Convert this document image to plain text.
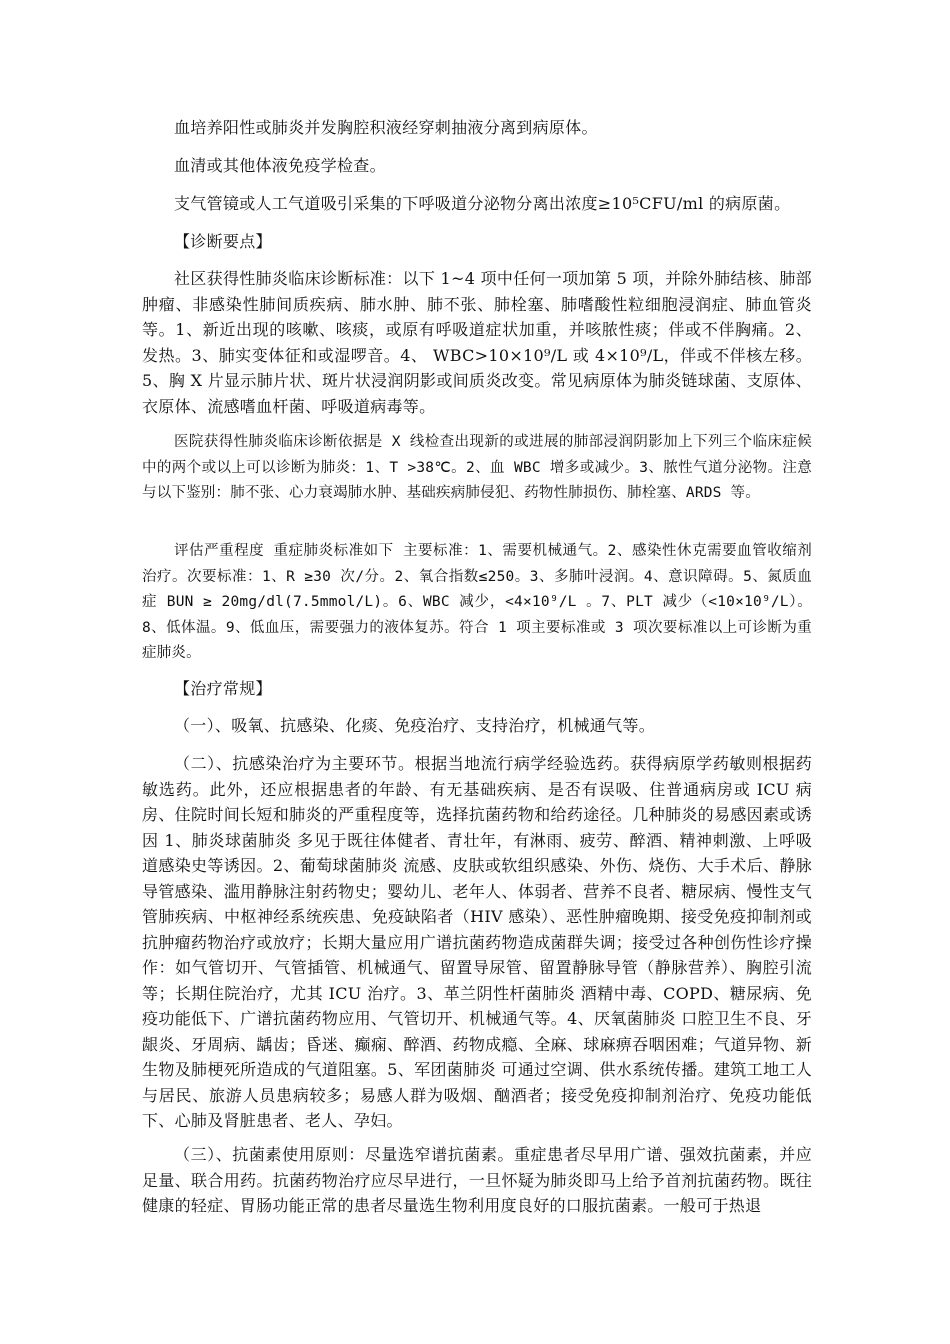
血培养阳性或肺炎并发胸腔积液经穿刺抽液分离到病原体。

血清或其他体液免疫学检查。

支气管镜或人工气道吸引采集的下呼吸道分泌物分离出浓度≥10⁵CFU/ml 的病原菌。

【诊断要点】

社区获得性肺炎临床诊断标准：以下 1~4 项中任何一项加第 5 项，并除外肺结核、肺部肿瘤、非感染性肺间质疾病、肺水肿、肺不张、肺栓塞、肺嗜酸性粒细胞浸润症、肺血管炎等。1、新近出现的咳嗽、咳痰，或原有呼吸道症状加重，并咳脓性痰；伴或不伴胸痛。2、发热。3、肺实变体征和或湿啰音。4、 WBC>10×10⁹/L 或 4×10⁹/L，伴或不伴核左移。5、胸 X 片显示肺片状、斑片状浸润阴影或间质炎改变。常见病原体为肺炎链球菌、支原体、衣原体、流感嗜血杆菌、呼吸道病毒等。

医院获得性肺炎临床诊断依据是 X 线检查出现新的或进展的肺部浸润阴影加上下列三个临床症候中的两个或以上可以诊断为肺炎：1、T >38℃。2、血 WBC 增多或减少。3、脓性气道分泌物。注意与以下鉴别：肺不张、心力衰竭肺水肿、基础疾病肺侵犯、药物性肺损伤、肺栓塞、ARDS 等。

评估严重程度 重症肺炎标准如下 主要标准：1、需要机械通气。2、感染性休克需要血管收缩剂治疗。次要标准：1、R ≥30 次/分。2、氧合指数≤250。3、多肺叶浸润。4、意识障碍。5、氮质血症 BUN ≥ 20mg/dl(7.5mmol/L)。6、WBC 减少，<4×10⁹/L 。7、PLT 减少（<10×10⁹/L）。8、低体温。9、低血压，需要强力的液体复苏。符合 1 项主要标准或 3 项次要标准以上可诊断为重症肺炎。

【治疗常规】

（一）、吸氧、抗感染、化痰、免疫治疗、支持治疗，机械通气等。

（二）、抗感染治疗为主要环节。根据当地流行病学经验选药。获得病原学药敏则根据药敏选药。此外，还应根据患者的年龄、有无基础疾病、是否有误吸、住普通病房或 ICU 病房、住院时间长短和肺炎的严重程度等，选择抗菌药物和给药途径。几种肺炎的易感因素或诱因 1、肺炎球菌肺炎 多见于既往体健者、青壮年，有淋雨、疲劳、醉酒、精神刺激、上呼吸道感染史等诱因。2、葡萄球菌肺炎 流感、皮肤或软组织感染、外伤、烧伤、大手术后、静脉导管感染、滥用静脉注射药物史；婴幼儿、老年人、体弱者、营养不良者、糖尿病、慢性支气管肺疾病、中枢神经系统疾患、免疫缺陷者（HIV 感染）、恶性肿瘤晚期、接受免疫抑制剂或抗肿瘤药物治疗或放疗；长期大量应用广谱抗菌药物造成菌群失调；接受过各种创伤性诊疗操作：如气管切开、气管插管、机械通气、留置导尿管、留置静脉导管（静脉营养）、胸腔引流等；长期住院治疗，尤其 ICU 治疗。3、革兰阴性杆菌肺炎 酒精中毒、COPD、糖尿病、免疫功能低下、广谱抗菌药物应用、气管切开、机械通气等。4、厌氧菌肺炎 口腔卫生不良、牙龈炎、牙周病、龋齿；昏迷、癫痫、醉酒、药物成瘾、全麻、球麻痹吞咽困难；气道异物、新生物及肺梗死所造成的气道阻塞。5、军团菌肺炎 可通过空调、供水系统传播。建筑工地工人与居民、旅游人员患病较多；易感人群为吸烟、酗酒者；接受免疫抑制剂治疗、免疫功能低下、心肺及肾脏患者、老人、孕妇。

（三）、抗菌素使用原则：尽量选窄谱抗菌素。重症患者尽早用广谱、强效抗菌素，并应足量、联合用药。抗菌药物治疗应尽早进行，一旦怀疑为肺炎即马上给予首剂抗菌药物。既往健康的轻症、胃肠功能正常的患者尽量选生物利用度良好的口服抗菌素。一般可于热退
